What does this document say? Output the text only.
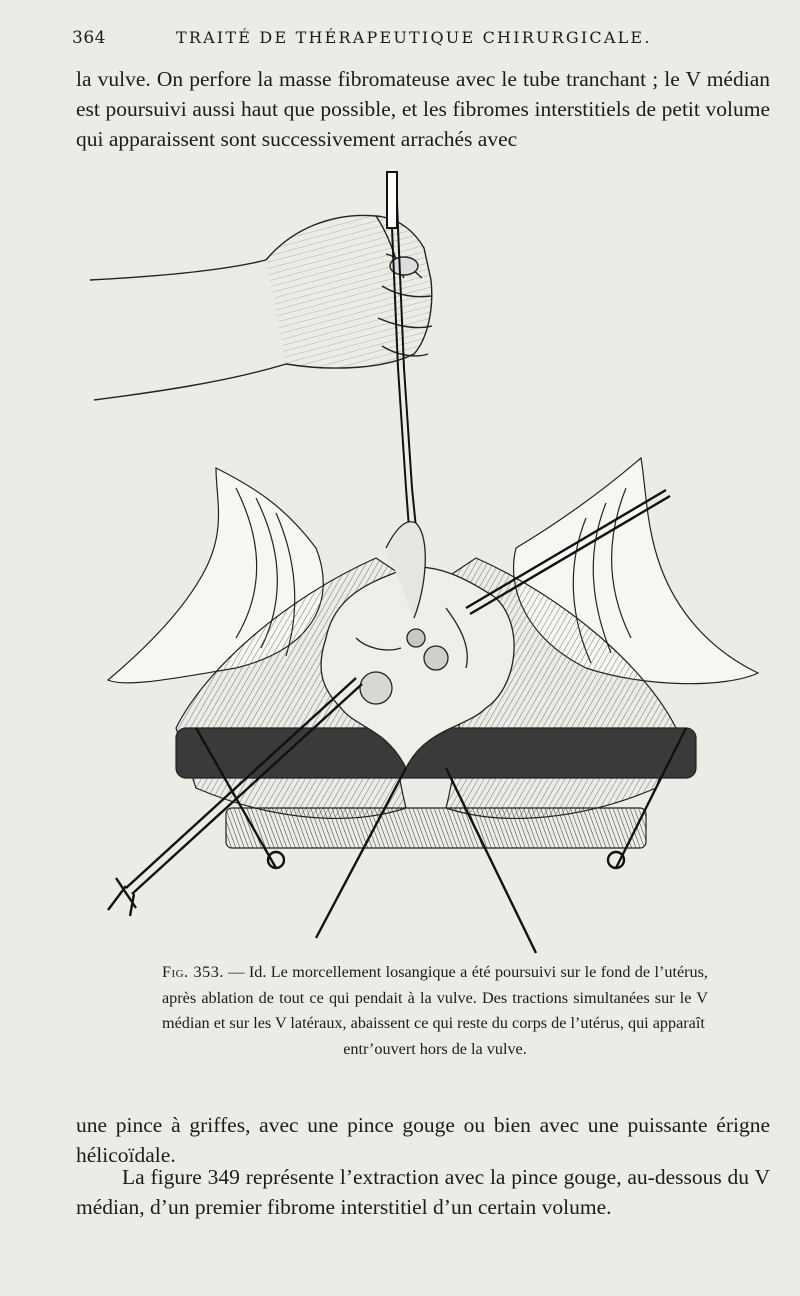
364	TRAITÉ DE THÉRAPEUTIQUE CHIRURGICALE.

la vulve. On perfore la masse fibromateuse avec le tube tranchant ; le V médian est poursuivi aussi haut que possible, et les fibromes interstitiels de petit volume qui apparaissent sont successivement arrachés avec

Fig. 353. — Id. Le morcellement losangique a été poursuivi sur le fond de l’utérus, après ablation de tout ce qui pendait à la vulve. Des tractions simultanées sur le V médian et sur les V latéraux, abaissent ce qui reste du corps de l’utérus, qui apparaît
entr’ouvert hors de la vulve.

une pince à griffes, avec une pince gouge ou bien avec une puissante érigne hélicoïdale.

La figure 349 représente l’extraction avec la pince gouge, au-dessous du V médian, d’un premier fibrome interstitiel d’un certain volume.
